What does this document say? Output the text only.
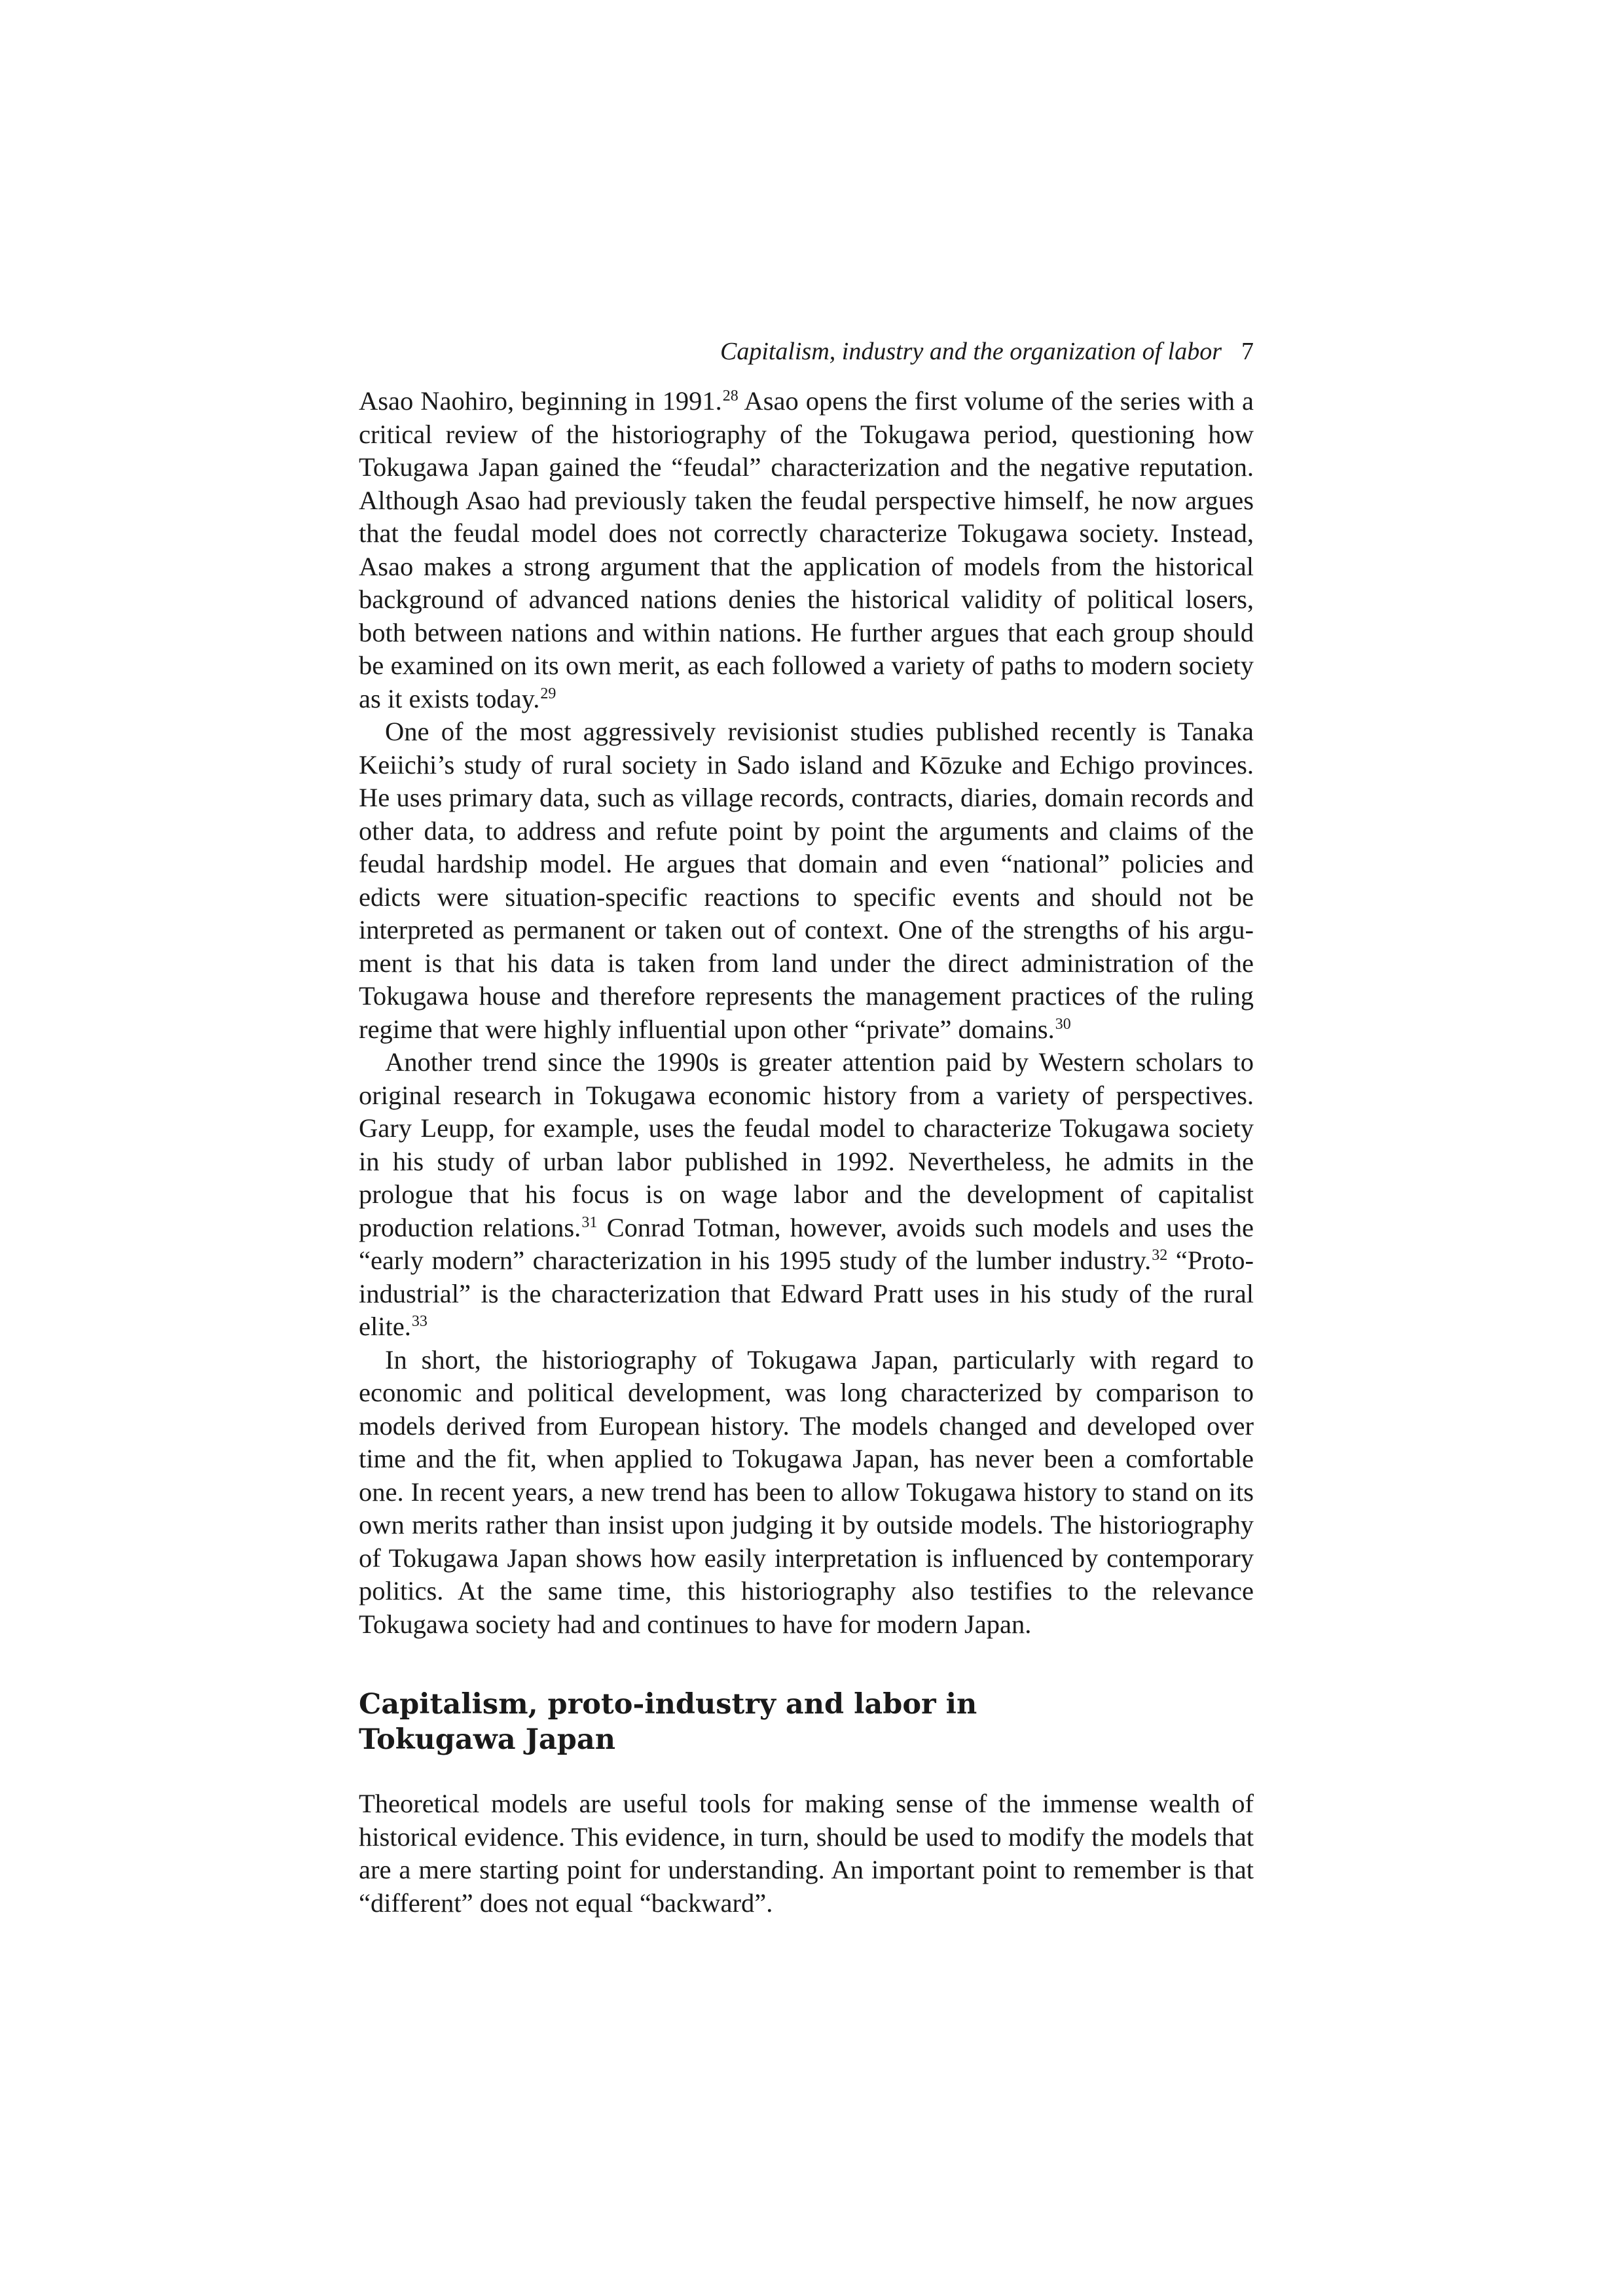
Capitalism, industry and the organization of labor 7

Asao Naohiro, beginning in 1991.28 Asao opens the first volume of the series with a critical review of the historiography of the Tokugawa period, questioning how Tokugawa Japan gained the “feudal” characterization and the negative reputation. Although Asao had previously taken the feudal perspective himself, he now argues that the feudal model does not correctly characterize Tokugawa society. Instead, Asao makes a strong argument that the application of models from the historical background of advanced nations denies the historical validity of political losers, both between nations and within nations. He further argues that each group should be examined on its own merit, as each followed a variety of paths to modern society as it exists today.$^{29}$

One of the most aggressively revisionist studies published recently is Tanaka Keiichi’s study of rural society in Sado island and Kōzuke and Echigo provinces. He uses primary data, such as village records, contracts, diaries, domain records and other data, to address and refute point by point the arguments and claims of the feudal hardship model. He argues that domain and even “national” policies and edicts were situation-specific reactions to specific events and should not be interpreted as permanent or taken out of context. One of the strengths of his argument is that his data is taken from land under the direct administration of the Tokugawa house and therefore represents the management practices of the ruling regime that were highly influential upon other “private” domains.$^{30}$

Another trend since the 1990s is greater attention paid by Western scholars to original research in Tokugawa economic history from a variety of perspectives. Gary Leupp, for example, uses the feudal model to characterize Tokugawa society in his study of urban labor published in 1992. Nevertheless, he admits in the prologue that his focus is on wage labor and the development of capitalist production relations.$^{31}$ Conrad Totman, however, avoids such models and uses the “early modern” characterization in his 1995 study of the lumber industry.$^{32}$ “Proto-industrial” is the characterization that Edward Pratt uses in his study of the rural elite.$^{33}$

In short, the historiography of Tokugawa Japan, particularly with regard to economic and political development, was long characterized by comparison to models derived from European history. The models changed and developed over time and the fit, when applied to Tokugawa Japan, has never been a comfortable one. In recent years, a new trend has been to allow Tokugawa history to stand on its own merits rather than insist upon judging it by outside models. The historiography of Tokugawa Japan shows how easily interpretation is influenced by contemporary politics. At the same time, this historiography also testifies to the relevance Tokugawa society had and continues to have for modern Japan.

Capitalism, proto-industry and labor in
Tokugawa Japan

Theoretical models are useful tools for making sense of the immense wealth of historical evidence. This evidence, in turn, should be used to modify the models that are a mere starting point for understanding. An important point to remember is that “different” does not equal “backward”.
